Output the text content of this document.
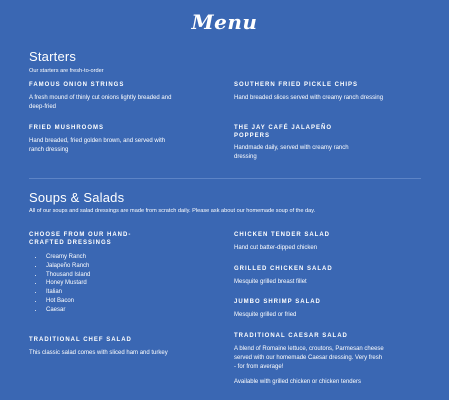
Menu
Starters
Our starters are fresh-to-order
FAMOUS ONION STRINGS
A fresh mound of thinly cut onions lightly breaded and deep-fried
SOUTHERN FRIED PICKLE CHIPS
Hand breaded slices served with creamy ranch dressing
FRIED MUSHROOMS
Hand breaded, fried golden brown, and served with ranch dressing
THE JAY CAFÉ JALAPEÑO POPPERS
Handmade daily, served with creamy ranch dressing
Soups & Salads
All of our soups and salad dressings are made from scratch daily. Please ask about our homemade soup of the day.
CHOOSE FROM OUR HAND-CRAFTED DRESSINGS
• Creamy Ranch
• Jalapeño Ranch
• Thousand Island
• Honey Mustard
• Italian
• Hot Bacon
• Caesar
CHICKEN TENDER SALAD
Hand cut batter-dipped chicken
GRILLED CHICKEN SALAD
Mesquite grilled breast fillet
JUMBO SHRIMP SALAD
Mesquite grilled or fried
TRADITIONAL CHEF SALAD
This classic salad comes with sliced ham and turkey
TRADITIONAL CAESAR SALAD
A blend of Romaine lettuce, croutons, Parmesan cheese served with our homemade Caesar dressing. Very fresh - for from average!
Available with grilled chicken or chicken tenders
